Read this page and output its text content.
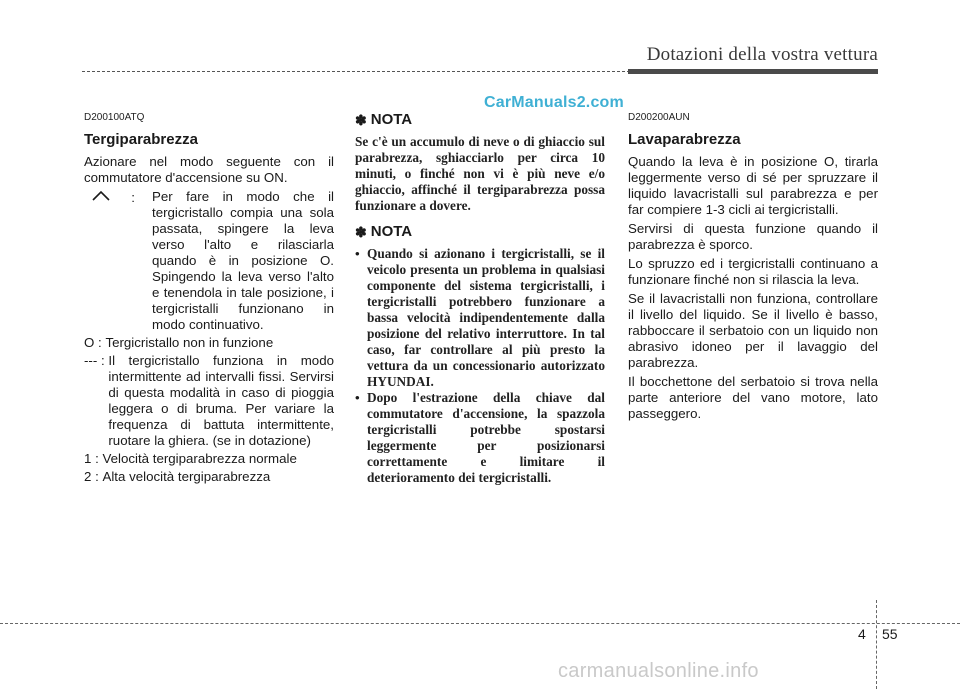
Dotazioni della vostra vettura
CarManuals2.com
D200100ATQ
Tergiparabrezza
Azionare nel modo seguente con il commutatore d'accensione su ON.
:	Per fare in modo che il tergicristallo compia una sola passata, spingere la leva verso l'alto e rilasciarla quando è in posizione O. Spingendo la leva verso l'alto e tenendola in tale posizione, i tergicristalli funzionano in modo continuativo.
O : Tergicristallo non in funzione
--- : Il tergicristallo funziona in modo intermittente ad intervalli fissi. Servirsi di questa modalità in caso di pioggia leggera o di bruma. Per variare la frequenza di battuta intermittente, ruotare la ghiera. (se in dotazione)
1 : Velocità tergiparabrezza normale
2 : Alta velocità tergiparabrezza
✽ NOTA
Se c'è un accumulo di neve o di ghiaccio sul parabrezza, sghiacciarlo per circa 10 minuti, o finché non vi è più neve e/o ghiaccio, affinché il tergiparabrezza possa funzionare a dovere.
✽ NOTA
• Quando si azionano i tergicristalli, se il veicolo presenta un problema in qualsiasi componente del sistema tergicristalli, i tergicristalli potrebbero funzionare a bassa velocità indipendentemente dalla posizione del relativo interruttore. In tal caso, far controllare al più presto la vettura da un concessionario autorizzato HYUNDAI.
• Dopo l'estrazione della chiave dal commutatore d'accensione, la spazzola tergicristalli potrebbe spostarsi leggermente per posizionarsi correttamente e limitare il deterioramento dei tergicristalli.
D200200AUN
Lavaparabrezza
Quando la leva è in posizione O, tirarla leggermente verso di sé per spruzzare il liquido lavacristalli sul parabrezza e per far compiere 1-3 cicli ai tergicristalli.
Servirsi di questa funzione quando il parabrezza è sporco.
Lo spruzzo ed i tergicristalli continuano a funzionare finché non si rilascia la leva.
Se il lavacristalli non funziona, controllare il livello del liquido. Se il livello è basso, rabboccare il serbatoio con un liquido non abrasivo idoneo per il lavaggio del parabrezza.
Il bocchettone del serbatoio si trova nella parte anteriore del vano motore, lato passeggero.
4 55
carmanualsonline.info
